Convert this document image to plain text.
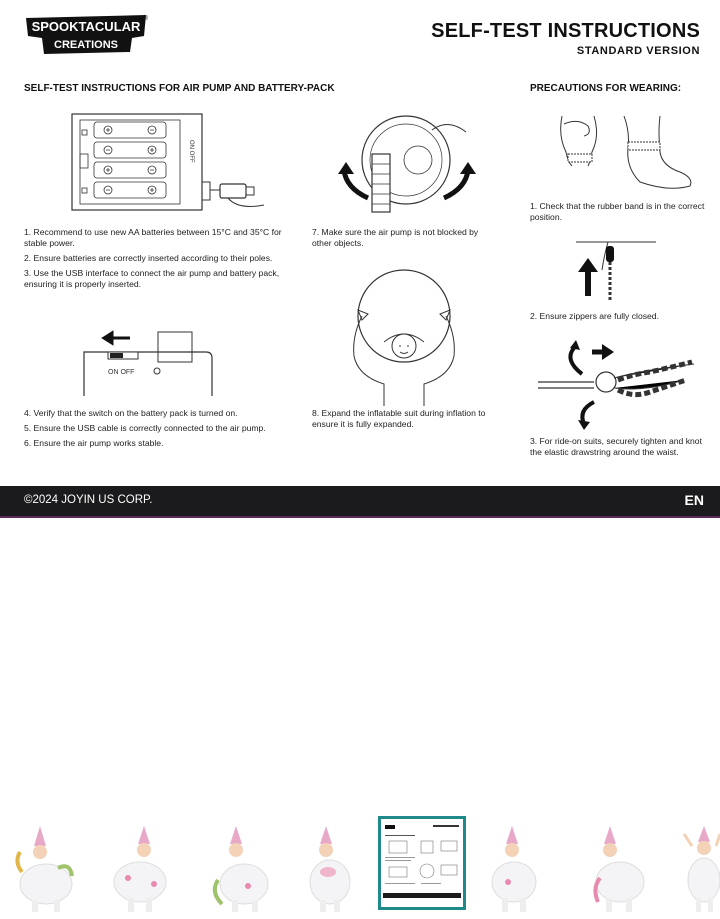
SPOOKTACULAR
CREATIONS
®
SELF-TEST INSTRUCTIONS
STANDARD VERSION
SELF-TEST INSTRUCTIONS FOR AIR PUMP AND BATTERY-PACK	PRECAUTIONS FOR WEARING:
ON OFF

1. Recommend to use new AA batteries between 15°C and 35°C for stable power.

2. Ensure batteries are correctly inserted according to their poles.

3. Use the USB interface to connect the air pump and battery pack, ensuring it is properly inserted.

ON OFF

4. Verify that the switch on the battery pack is turned on.

5. Ensure the USB cable is correctly connected to the air pump.

6. Ensure the air pump works stable.

7. Make sure the air pump is not blocked by other objects.

8. Expand the inflatable suit during inflation to ensure it is fully expanded.

1. Check that the rubber band is in the correct position.
2. Ensure zippers are fully closed.
3. For ride-on suits, securely tighten and knot the elastic drawstring around the waist.
©2024 JOYIN US CORP.	EN
